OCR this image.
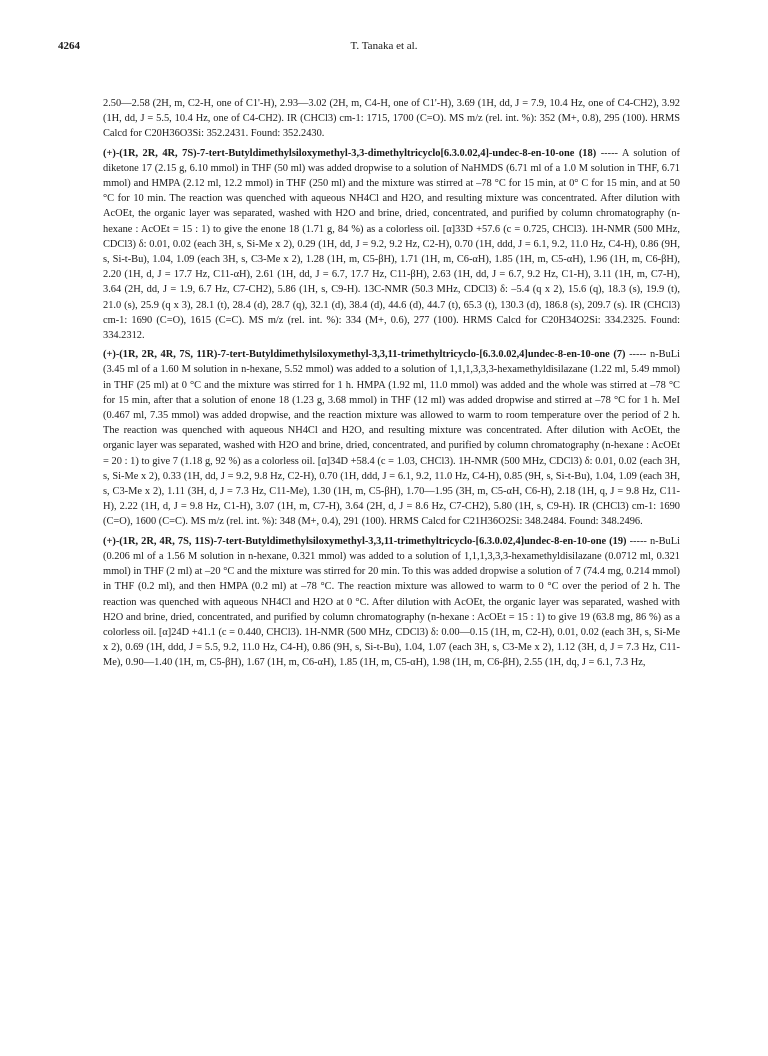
4264	T. Tanaka et al.

2.50—2.58 (2H, m, C2-H, one of C1'-H), 2.93—3.02 (2H, m, C4-H, one of C1'-H), 3.69 (1H, dd, J = 7.9, 10.4 Hz, one of C4-CH2), 3.92 (1H, dd, J = 5.5, 10.4 Hz, one of C4-CH2). IR (CHCl3) cm-1: 1715, 1700 (C=O). MS m/z (rel. int. %): 352 (M+, 0.8), 295 (100). HRMS Calcd for C20H36O3Si: 352.2431. Found: 352.2430.

(+)-(1R, 2R, 4R, 7S)-7-tert-Butyldimethylsiloxymethyl-3,3-dimethyltricyclo[6.3.0.02,4]-undec-8-en-10-one (18) ----- A solution of diketone 17 (2.15 g, 6.10 mmol) in THF (50 ml) was added dropwise to a solution of NaHMDS (6.71 ml of a 1.0 M solution in THF, 6.71 mmol) and HMPA (2.12 ml, 12.2 mmol) in THF (250 ml) and the mixture was stirred at –78 °C for 15 min, at 0° C for 15 min, and at 50 °C for 10 min. The reaction was quenched with aqueous NH4Cl and H2O, and resulting mixture was concentrated. After dilution with AcOEt, the organic layer was separated, washed with H2O and brine, dried, concentrated, and purified by column chromatography (n-hexane : AcOEt = 15 : 1) to give the enone 18 (1.71 g, 84 %) as a colorless oil. [α]33D +57.6 (c = 0.725, CHCl3). 1H-NMR (500 MHz, CDCl3) δ: 0.01, 0.02 (each 3H, s, Si-Me x 2), 0.29 (1H, dd, J = 9.2, 9.2 Hz, C2-H), 0.70 (1H, ddd, J = 6.1, 9.2, 11.0 Hz, C4-H), 0.86 (9H, s, Si-t-Bu), 1.04, 1.09 (each 3H, s, C3-Me x 2), 1.28 (1H, m, C5-βH), 1.71 (1H, m, C6-αH), 1.85 (1H, m, C5-αH), 1.96 (1H, m, C6-βH), 2.20 (1H, d, J = 17.7 Hz, C11-αH), 2.61 (1H, dd, J = 6.7, 17.7 Hz, C11-βH), 2.63 (1H, dd, J = 6.7, 9.2 Hz, C1-H), 3.11 (1H, m, C7-H), 3.64 (2H, dd, J = 1.9, 6.7 Hz, C7-CH2), 5.86 (1H, s, C9-H). 13C-NMR (50.3 MHz, CDCl3) δ: –5.4 (q x 2), 15.6 (q), 18.3 (s), 19.9 (t), 21.0 (s), 25.9 (q x 3), 28.1 (t), 28.4 (d), 28.7 (q), 32.1 (d), 38.4 (d), 44.6 (d), 44.7 (t), 65.3 (t), 130.3 (d), 186.8 (s), 209.7 (s). IR (CHCl3) cm-1: 1690 (C=O), 1615 (C=C). MS m/z (rel. int. %): 334 (M+, 0.6), 277 (100). HRMS Calcd for C20H34O2Si: 334.2325. Found: 334.2312.

(+)-(1R, 2R, 4R, 7S, 11R)-7-tert-Butyldimethylsiloxymethyl-3,3,11-trimethyltricyclo-[6.3.0.02,4]undec-8-en-10-one (7) ----- n-BuLi (3.45 ml of a 1.60 M solution in n-hexane, 5.52 mmol) was added to a solution of 1,1,1,3,3,3-hexamethyldisilazane (1.22 ml, 5.49 mmol) in THF (25 ml) at 0 °C and the mixture was stirred for 1 h. HMPA (1.92 ml, 11.0 mmol) was added and the whole was stirred at –78 °C for 15 min, after that a solution of enone 18 (1.23 g, 3.68 mmol) in THF (12 ml) was added dropwise and stirred at –78 °C for 1 h. MeI (0.467 ml, 7.35 mmol) was added dropwise, and the reaction mixture was allowed to warm to room temperature over the period of 2 h. The reaction was quenched with aqueous NH4Cl and H2O, and resulting mixture was concentrated. After dilution with AcOEt, the organic layer was separated, washed with H2O and brine, dried, concentrated, and purified by column chromatography (n-hexane : AcOEt = 20 : 1) to give 7 (1.18 g, 92 %) as a colorless oil. [α]34D +58.4 (c = 1.03, CHCl3). 1H-NMR (500 MHz, CDCl3) δ: 0.01, 0.02 (each 3H, s, Si-Me x 2), 0.33 (1H, dd, J = 9.2, 9.8 Hz, C2-H), 0.70 (1H, ddd, J = 6.1, 9.2, 11.0 Hz, C4-H), 0.85 (9H, s, Si-t-Bu), 1.04, 1.09 (each 3H, s, C3-Me x 2), 1.11 (3H, d, J = 7.3 Hz, C11-Me), 1.30 (1H, m, C5-βH), 1.70—1.95 (3H, m, C5-αH, C6-H), 2.18 (1H, q, J = 9.8 Hz, C11-H), 2.22 (1H, d, J = 9.8 Hz, C1-H), 3.07 (1H, m, C7-H), 3.64 (2H, d, J = 8.6 Hz, C7-CH2), 5.80 (1H, s, C9-H). IR (CHCl3) cm-1: 1690 (C=O), 1600 (C=C). MS m/z (rel. int. %): 348 (M+, 0.4), 291 (100). HRMS Calcd for C21H36O2Si: 348.2484. Found: 348.2496.

(+)-(1R, 2R, 4R, 7S, 11S)-7-tert-Butyldimethylsiloxymethyl-3,3,11-trimethyltricyclo-[6.3.0.02,4]undec-8-en-10-one (19) ----- n-BuLi (0.206 ml of a 1.56 M solution in n-hexane, 0.321 mmol) was added to a solution of 1,1,1,3,3,3-hexamethyldisilazane (0.0712 ml, 0.321 mmol) in THF (2 ml) at –20 °C and the mixture was stirred for 20 min. To this was added dropwise a solution of 7 (74.4 mg, 0.214 mmol) in THF (0.2 ml), and then HMPA (0.2 ml) at –78 °C. The reaction mixture was allowed to warm to 0 °C over the period of 2 h. The reaction was quenched with aqueous NH4Cl and H2O at 0 °C. After dilution with AcOEt, the organic layer was separated, washed with H2O and brine, dried, concentrated, and purified by column chromatography (n-hexane : AcOEt = 15 : 1) to give 19 (63.8 mg, 86 %) as a colorless oil. [α]24D +41.1 (c = 0.440, CHCl3). 1H-NMR (500 MHz, CDCl3) δ: 0.00—0.15 (1H, m, C2-H), 0.01, 0.02 (each 3H, s, Si-Me x 2), 0.69 (1H, ddd, J = 5.5, 9.2, 11.0 Hz, C4-H), 0.86 (9H, s, Si-t-Bu), 1.04, 1.07 (each 3H, s, C3-Me x 2), 1.12 (3H, d, J = 7.3 Hz, C11-Me), 0.90—1.40 (1H, m, C5-βH), 1.67 (1H, m, C6-αH), 1.85 (1H, m, C5-αH), 1.98 (1H, m, C6-βH), 2.55 (1H, dq, J = 6.1, 7.3 Hz,
